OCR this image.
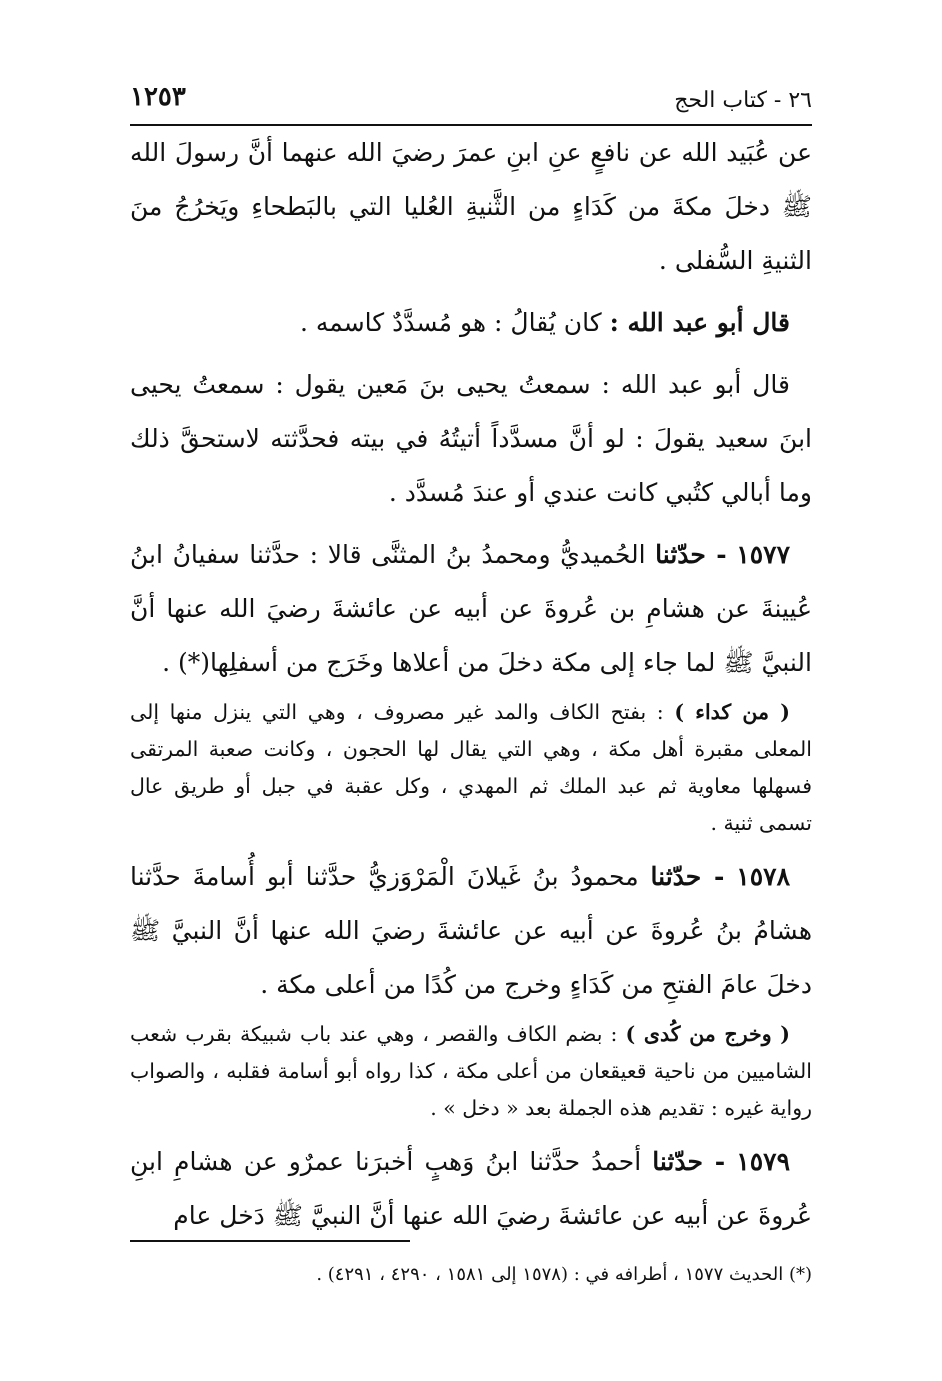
٢٦ - كتاب الحج
١٢٥٣

عن عُبَيد الله عن نافعٍ عنِ ابنِ عمرَ رضيَ الله عنهما أنَّ رسولَ الله ﷺ دخلَ مكةَ من كَدَاءٍ من الثَّنيةِ العُليا التي بالبَطحاءِ ويَخرُجُ منَ الثنيةِ السُّفلى .

قال أبو عبد الله : كان يُقالُ : هو مُسدَّدٌ كاسمه .

قال أبو عبد الله : سمعتُ يحيى بنَ مَعين يقول : سمعتُ يحيى ابنَ سعيد يقولَ : لو أنَّ مسدَّداً أتيتُهُ في بيته فحدَّثته لاستحقَّ ذلك وما أبالي كتُبي كانت عندي أو عندَ مُسدَّد .

١٥٧٧ - حدّثنا الحُميديُّ ومحمدُ بنُ المثنَّى قالا : حدَّثنا سفيانُ ابنُ عُيينةَ عن هشامِ بن عُروةَ عن أبيه عن عائشةَ رضيَ الله عنها أنَّ النبيَّ ﷺ لما جاء إلى مكة دخلَ من أعلاها وخَرَج من أسفلِها(*) .

( من كداء ) : بفتح الكاف والمد غير مصروف ، وهي التي ينزل منها إلى المعلى مقبرة أهل مكة ، وهي التي يقال لها الحجون ، وكانت صعبة المرتقى فسهلها معاوية ثم عبد الملك ثم المهدي ، وكل عقبة في جبل أو طريق عال تسمى ثنية .

١٥٧٨ - حدّثنا محمودُ بنُ غَيلانَ الْمَرْوَزيُّ حدَّثنا أبو أُسامةَ حدَّثنا هشامُ بنُ عُروةَ عن أبيه عن عائشةَ رضيَ الله عنها أنَّ النبيَّ ﷺ دخلَ عامَ الفتحِ من كَدَاءٍ وخرج من كُدًا من أعلى مكة .

( وخرج من كُدى ) : بضم الكاف والقصر ، وهي عند باب شبيكة بقرب شعب الشاميين من ناحية قعيقعان من أعلى مكة ، كذا رواه أبو أسامة فقلبه ، والصواب رواية غيره : تقديم هذه الجملة بعد « دخل » .

١٥٧٩ - حدّثنا أحمدُ حدَّثنا ابنُ وَهبٍ أخبرَنا عمرٌو عن هشامِ ابنِ عُروةَ عن أبيه عن عائشةَ رضيَ الله عنها أنَّ النبيَّ ﷺ دَخل عام

(*) الحديث ١٥٧٧ ، أطرافه في : (١٥٧٨ إلى ١٥٨١ ، ٤٢٩٠ ، ٤٢٩١) .
